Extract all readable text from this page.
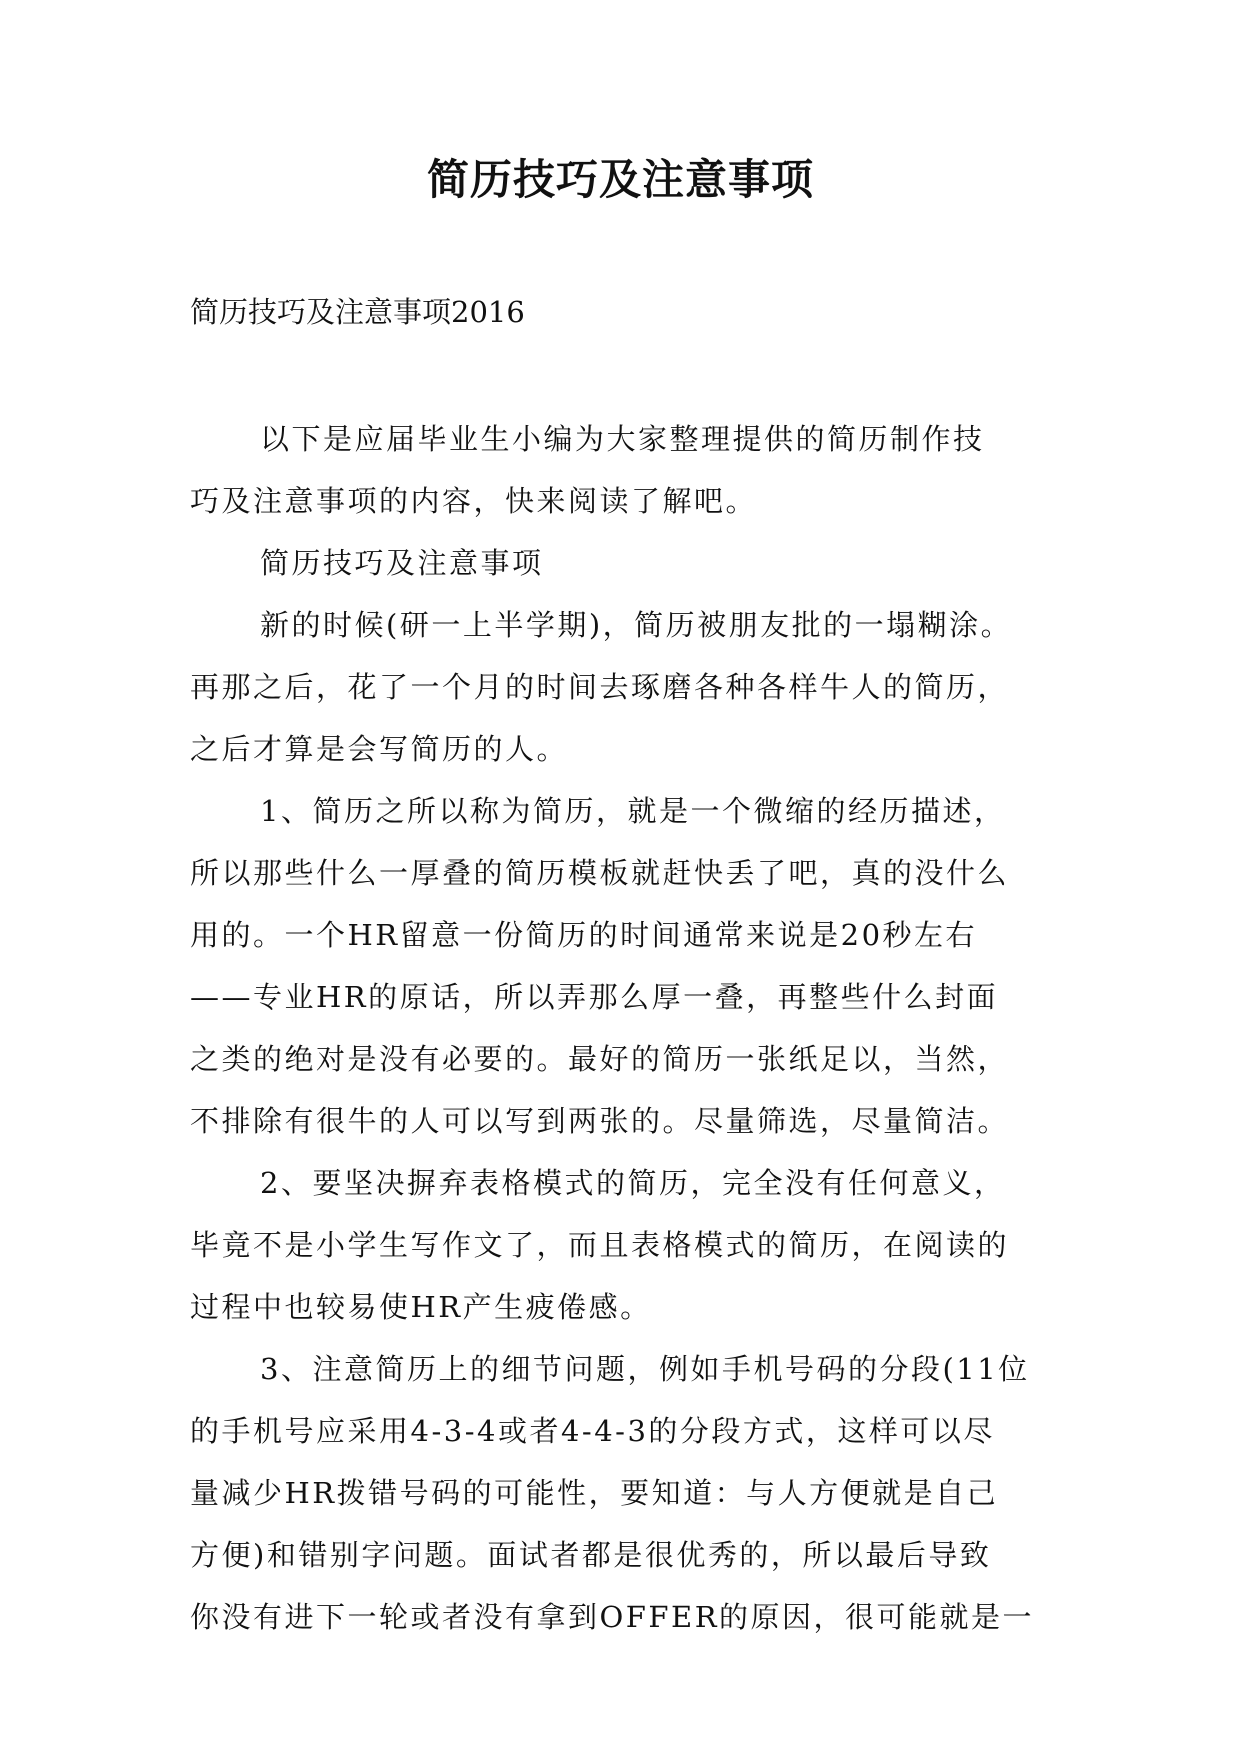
简历技巧及注意事项

简历技巧及注意事项2016

以下是应届毕业生小编为大家整理提供的简历制作技
巧及注意事项的内容，快来阅读了解吧。

简历技巧及注意事项

新的时候(研一上半学期)，简历被朋友批的一塌糊涂。
再那之后，花了一个月的时间去琢磨各种各样牛人的简历，
之后才算是会写简历的人。

1、简历之所以称为简历，就是一个微缩的经历描述，
所以那些什么一厚叠的简历模板就赶快丢了吧，真的没什么
用的。一个HR留意一份简历的时间通常来说是20秒左右
——专业HR的原话，所以弄那么厚一叠，再整些什么封面
之类的绝对是没有必要的。最好的简历一张纸足以，当然，
不排除有很牛的人可以写到两张的。尽量筛选，尽量简洁。

2、要坚决摒弃表格模式的简历，完全没有任何意义，
毕竟不是小学生写作文了，而且表格模式的简历，在阅读的
过程中也较易使HR产生疲倦感。

3、注意简历上的细节问题，例如手机号码的分段(11位
的手机号应采用4-3-4或者4-4-3的分段方式，这样可以尽
量减少HR拨错号码的可能性，要知道：与人方便就是自己
方便)和错别字问题。面试者都是很优秀的，所以最后导致
你没有进下一轮或者没有拿到OFFER的原因，很可能就是一
